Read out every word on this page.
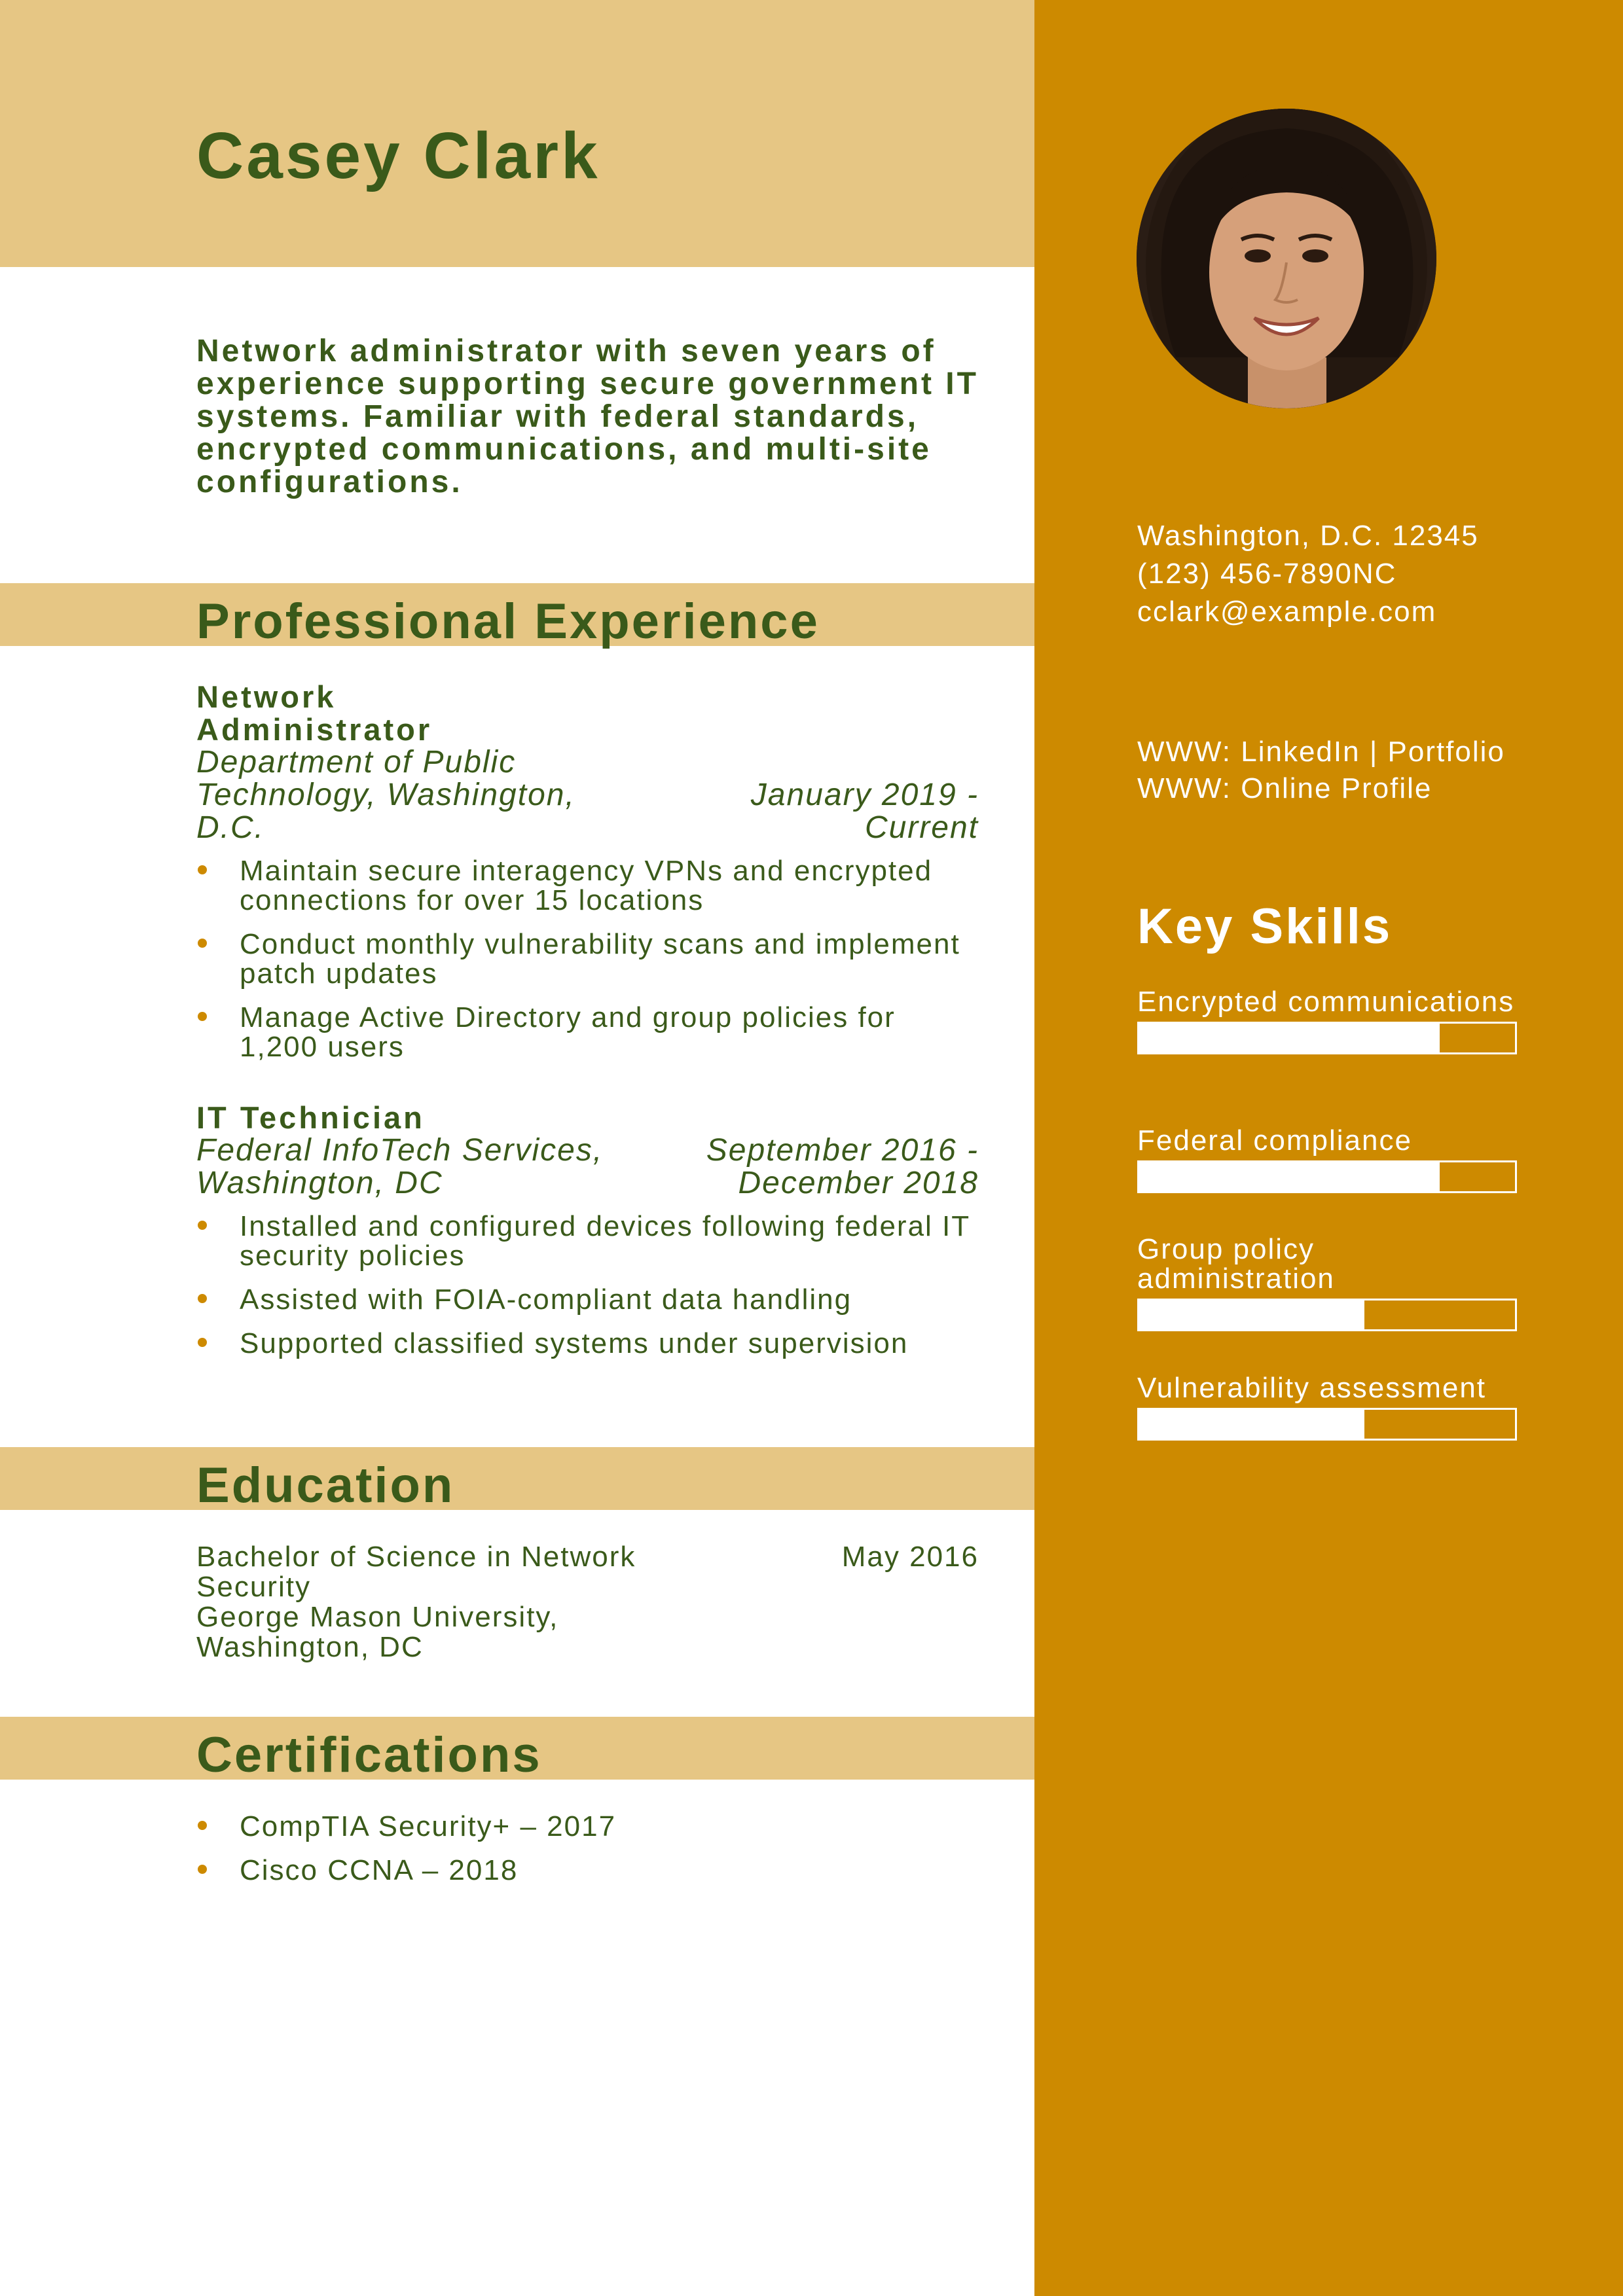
Casey Clark
Network administrator with seven years of experience supporting secure government IT systems. Familiar with federal standards, encrypted communications, and multi-site configurations.
Professional Experience
Network Administrator
Department of Public Technology, Washington, D.C.
January 2019 - Current
Maintain secure interagency VPNs and encrypted connections for over 15 locations
Conduct monthly vulnerability scans and implement patch updates
Manage Active Directory and group policies for 1,200 users
IT Technician
Federal InfoTech Services, Washington, DC
September 2016 - December 2018
Installed and configured devices following federal IT security policies
Assisted with FOIA-compliant data handling
Supported classified systems under supervision
Education
Bachelor of Science in Network Security
George Mason University, Washington, DC
May 2016
Certifications
CompTIA Security+ – 2017
Cisco CCNA – 2018
Washington, D.C. 12345
(123) 456-7890NC
cclark@example.com
WWW: LinkedIn | Portfolio
WWW: Online Profile
Key Skills
Encrypted communications
Federal compliance
Group policy administration
Vulnerability assessment
